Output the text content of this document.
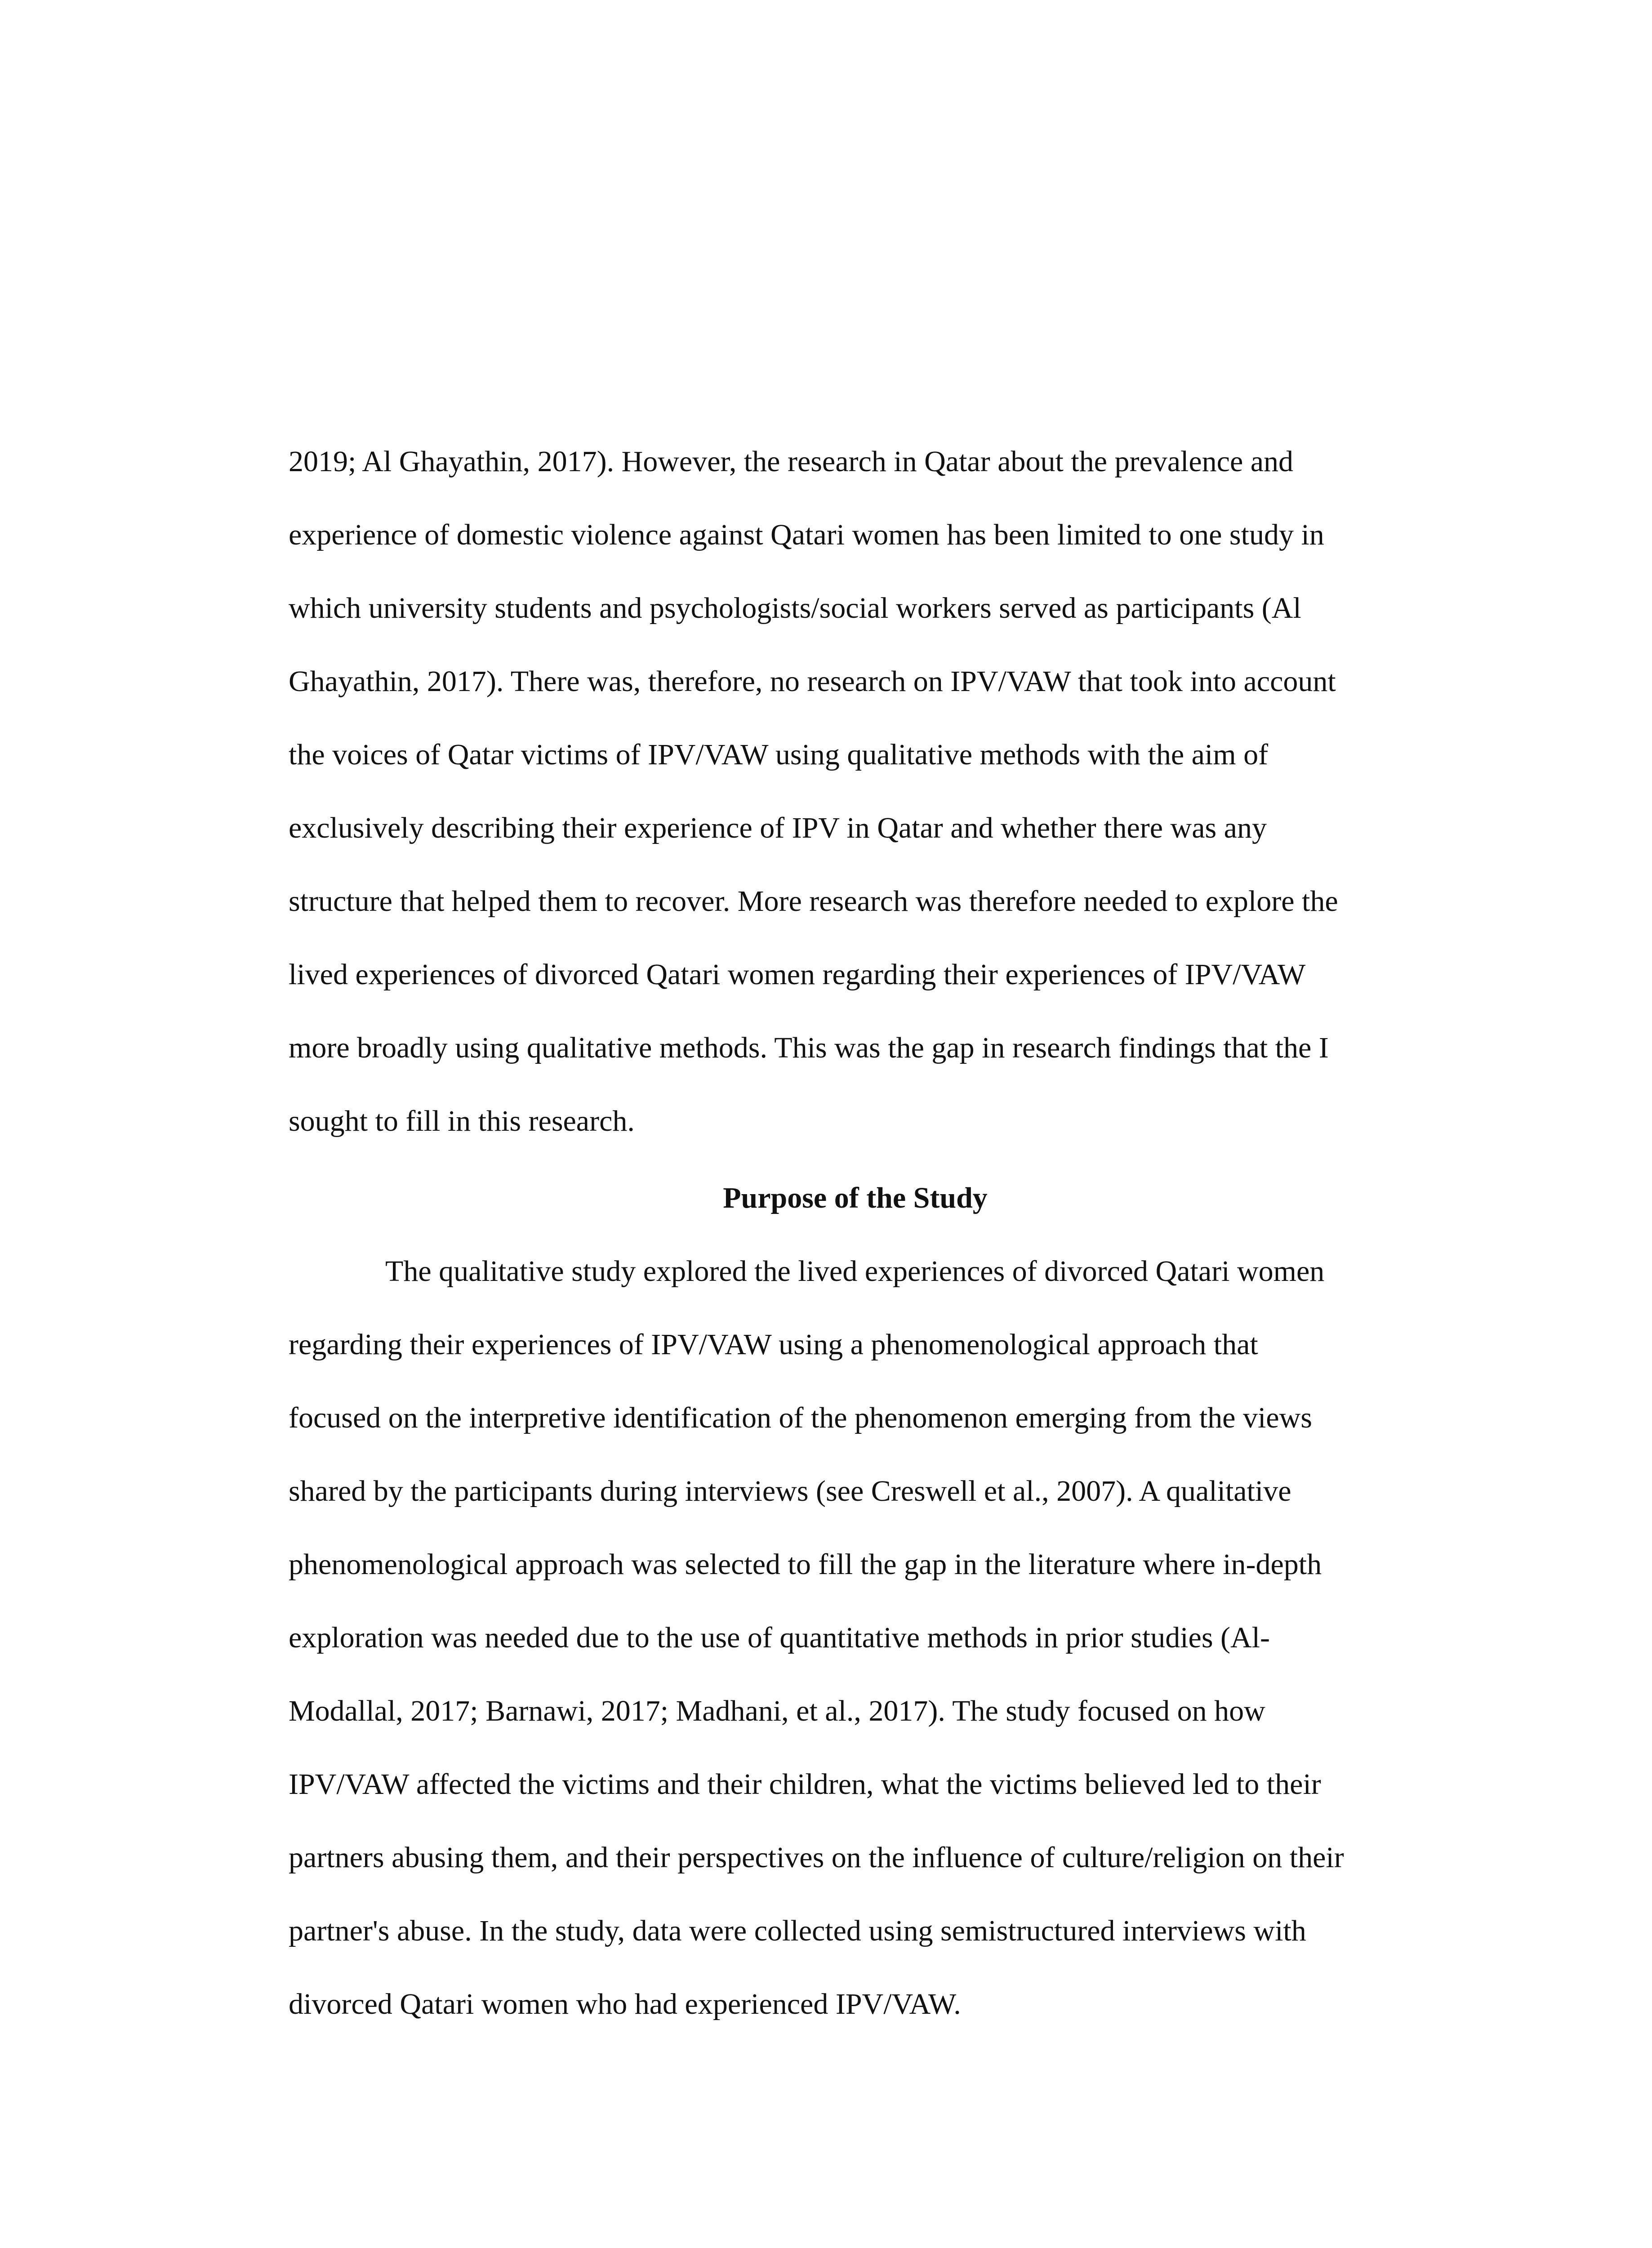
2019; Al Ghayathin, 2017). However, the research in Qatar about the prevalence and
experience of domestic violence against Qatari women has been limited to one study in
which university students and psychologists/social workers served as participants (Al
Ghayathin, 2017). There was, therefore, no research on IPV/VAW that took into account
the voices of Qatar victims of IPV/VAW using qualitative methods with the aim of
exclusively describing their experience of IPV in Qatar and whether there was any
structure that helped them to recover. More research was therefore needed to explore the
lived experiences of divorced Qatari women regarding their experiences of IPV/VAW
more broadly using qualitative methods. This was the gap in research findings that the I
sought to fill in this research.
Purpose of the Study
The qualitative study explored the lived experiences of divorced Qatari women
regarding their experiences of IPV/VAW using a phenomenological approach that
focused on the interpretive identification of the phenomenon emerging from the views
shared by the participants during interviews (see Creswell et al., 2007). A qualitative
phenomenological approach was selected to fill the gap in the literature where in-depth
exploration was needed due to the use of quantitative methods in prior studies (Al-
Modallal, 2017; Barnawi, 2017; Madhani, et al., 2017). The study focused on how
IPV/VAW affected the victims and their children, what the victims believed led to their
partners abusing them, and their perspectives on the influence of culture/religion on their
partner's abuse. In the study, data were collected using semistructured interviews with
divorced Qatari women who had experienced IPV/VAW.
